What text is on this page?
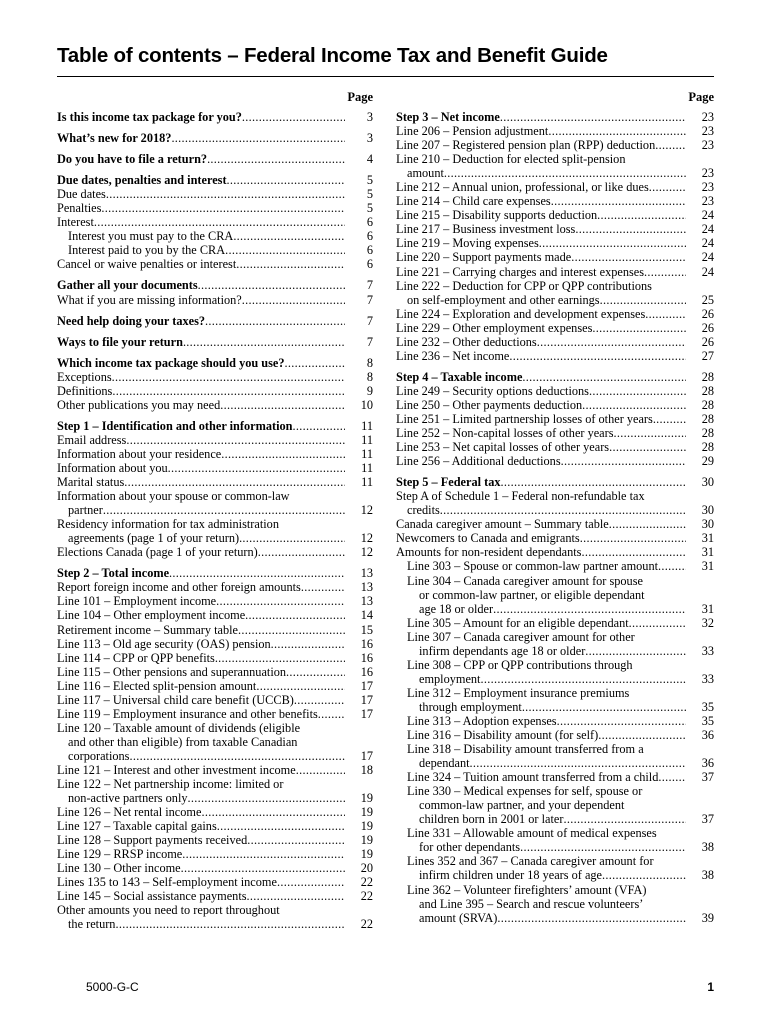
Table of contents – Federal Income Tax and Benefit Guide
Page
Is this income tax package for you? .....	3
What’s new for 2018? .....	3
Do you have to file a return? .....	4
Due dates, penalties and interest .....	5
Due dates .....	5
Penalties .....	5
Interest .....	6
Interest you must pay to the CRA .....	6
Interest paid to you by the CRA .....	6
Cancel or waive penalties or interest .....	6
Gather all your documents .....	7
What if you are missing information? .....	7
Need help doing your taxes? .....	7
Ways to file your return .....	7
Which income tax package should you use? .....	8
Exceptions .....	8
Definitions .....	9
Other publications you may need .....	10
Step 1 – Identification and other information .....	11
Email address .....	11
Information about your residence .....	11
Information about you .....	11
Marital status .....	11
Information about your spouse or common-law
partner .....	12
Residency information for tax administration
agreements (page 1 of your return) .....	12
Elections Canada (page 1 of your return) .....	12
Step 2 – Total income .....	13
Report foreign income and other foreign amounts .....	13
Line 101 – Employment income .....	13
Line 104 – Other employment income .....	14
Retirement income – Summary table .....	15
Line 113 – Old age security (OAS) pension .....	16
Line 114 – CPP or QPP benefits .....	16
Line 115 – Other pensions and superannuation .....	16
Line 116 – Elected split-pension amount .....	17
Line 117 – Universal child care benefit (UCCB) .....	17
Line 119 – Employment insurance and other benefits .....	17
Line 120 – Taxable amount of dividends (eligible
and other than eligible) from taxable Canadian
corporations .....	17
Line 121 – Interest and other investment income .....	18
Line 122 – Net partnership income: limited or
non-active partners only .....	19
Line 126 – Net rental income .....	19
Line 127 – Taxable capital gains .....	19
Line 128 – Support payments received .....	19
Line 129 – RRSP income .....	19
Line 130 – Other income .....	20
Lines 135 to 143 – Self-employment income .....	22
Line 145 – Social assistance payments .....	22
Other amounts you need to report throughout
the return .....	22
Page
Step 3 – Net income .....	23
Line 206 – Pension adjustment .....	23
Line 207 – Registered pension plan (RPP) deduction .....	23
Line 210 – Deduction for elected split-pension
amount .....	23
Line 212 – Annual union, professional, or like dues .....	23
Line 214 – Child care expenses .....	23
Line 215 – Disability supports deduction .....	24
Line 217 – Business investment loss .....	24
Line 219 – Moving expenses .....	24
Line 220 – Support payments made .....	24
Line 221 – Carrying charges and interest expenses .....	24
Line 222 – Deduction for CPP or QPP contributions
on self-employment and other earnings .....	25
Line 224 – Exploration and development expenses .....	26
Line 229 – Other employment expenses .....	26
Line 232 – Other deductions .....	26
Line 236 – Net income .....	27
Step 4 – Taxable income .....	28
Line 249 – Security options deductions .....	28
Line 250 – Other payments deduction .....	28
Line 251 – Limited partnership losses of other years .....	28
Line 252 – Non-capital losses of other years .....	28
Line 253 – Net capital losses of other years .....	28
Line 256 – Additional deductions .....	29
Step 5 – Federal tax .....	30
Step A of Schedule 1 – Federal non-refundable tax
credits .....	30
Canada caregiver amount – Summary table .....	30
Newcomers to Canada and emigrants .....	31
Amounts for non-resident dependants .....	31
Line 303 – Spouse or common-law partner amount .....	31
Line 304 – Canada caregiver amount for spouse
or common-law partner, or eligible dependant
age 18 or older .....	31
Line 305 – Amount for an eligible dependant .....	32
Line 307 – Canada caregiver amount for other
infirm dependants age 18 or older .....	33
Line 308 – CPP or QPP contributions through
employment .....	33
Line 312 – Employment insurance premiums
through employment .....	35
Line 313 – Adoption expenses .....	35
Line 316 – Disability amount (for self) .....	36
Line 318 – Disability amount transferred from a
dependant .....	36
Line 324 – Tuition amount transferred from a child .....	37
Line 330 – Medical expenses for self, spouse or
common-law partner, and your dependent
children born in 2001 or later .....	37
Line 331 – Allowable amount of medical expenses
for other dependants .....	38
Lines 352 and 367 – Canada caregiver amount for
infirm children under 18 years of age .....	38
Line 362 – Volunteer firefighters’ amount (VFA)
and Line 395 – Search and rescue volunteers’
amount (SRVA) .....	39
5000-G-C	1
